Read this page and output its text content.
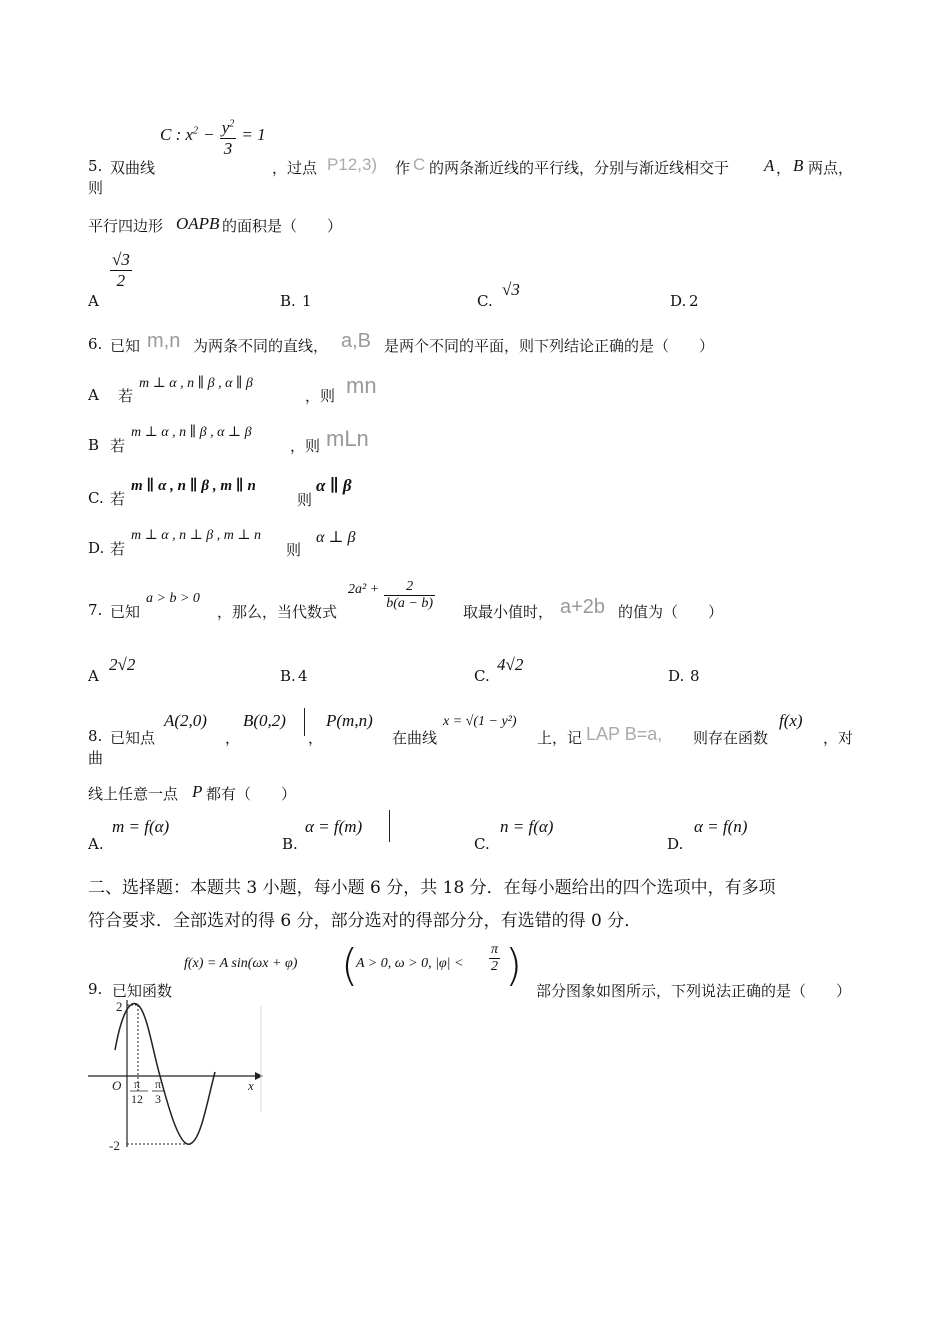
5. 双曲线
C : $x^2 - \frac{y^2}{3} = 1$
，过点 P12,3) 作 C 的两条渐近线的平行线，分别与渐近线相交于 A ， B 两点，
则
平行四边形 OAPB 的面积是（　　）
A
$\frac{√3}{2}$
B. 1	C.
√3
D. 2
6. 已知 m,n 为两条不同的直线， a,B 是两个不同的平面，则下列结论正确的是（　　）
A 若
m ⊥ α , n ∥ β , α ∥ β
，则 mn
B 若
m ⊥ α , n ∥ β , α ⊥ β
，则 mLn
C. 若
m ∥ α , n ∥ β , m ∥ n
则
α ∥ β
D. 若
m ⊥ α , n ⊥ β , m ⊥ n
则
α ⊥ β
7. 已知
a > b > 0
，那么，当代数式
$2a^2 + \frac{2}{b(a - b)}$ 取最小值时， a+2b 的值为（　　）
A
2√2
B. 4	C.
4√2
D. 8
8. 已知点
A(2,0)
，
B(0,2)
，
P(m,n)
在曲线
x = √(1 − y²)
上，记 LAP B=a, 则存在函数
f(x)
，对
曲
线上任意一点 P 都有（　　）
A.
m = f(α)
B.
α = f(m)
C.
n = f(α)
D.
α = f(n)
二、选择题：本题共 3 小题，每小题 6 分，共 18 分．在每小题给出的四个选项中，有多项
符合要求．全部选对的得 6 分，部分选对的得部分分，有选错的得 0 分．
9. 已知函数
f(x) = A sin(ωx + φ) (
A > 0, ω > 0, $|\varphi| < \frac{\pi}{2}$ ) 部分图象如图所示，下列说法正确的是（　　）
2
-2
O	x
π
12
π
3
